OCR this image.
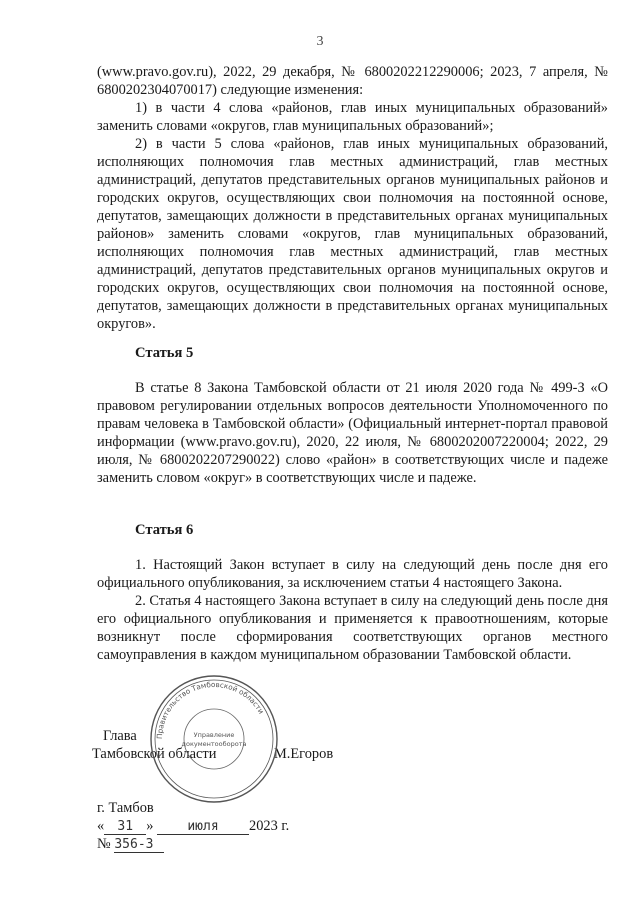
3

(www.pravo.gov.ru), 2022, 29 декабря, № 6800202212290006; 2023, 7 апреля, № 6800202304070017) следующие изменения:

1) в части 4 слова «районов, глав иных муниципальных образований» заменить словами «округов, глав муниципальных образований»;

2) в части 5 слова «районов, глав иных муниципальных образований, исполняющих полномочия глав местных администраций, глав местных администраций, депутатов представительных органов муниципальных районов и городских округов, осуществляющих свои полномочия на постоянной основе, депутатов, замещающих должности в представительных органах муниципальных районов» заменить словами «округов, глав муниципальных образований, исполняющих полномочия глав местных администраций, глав местных администраций, депутатов представительных органов муниципальных округов и городских округов, осуществляющих свои полномочия на постоянной основе, депутатов, замещающих должности в представительных органах муниципальных округов».

Статья 5

В статье 8 Закона Тамбовской области от 21 июля 2020 года № 499-З «О правовом регулировании отдельных вопросов деятельности Уполномоченного по правам человека в Тамбовской области» (Официальный интернет-портал правовой информации (www.pravo.gov.ru), 2020, 22 июля, № 6800202007220004; 2022, 29 июля, № 6800202207290022) слово «район» в соответствующих числе и падеже заменить словом «округ» в соответствующих числе и падеже.

Статья 6

1. Настоящий Закон вступает в силу на следующий день после дня его официального опубликования, за исключением статьи 4 настоящего Закона.

2. Статья 4 настоящего Закона вступает в силу на следующий день после дня его официального опубликования и применяется к правоотношениям, которые возникнут после сформирования соответствующих органов местного самоуправления в каждом муниципальном образовании Тамбовской области.

Глава
Тамбовской области	М.Егоров
Правительство Тамбовской области
Управление
документооборота
г. Тамбов
« 31 » июля 2023 г.
№ 356-З
